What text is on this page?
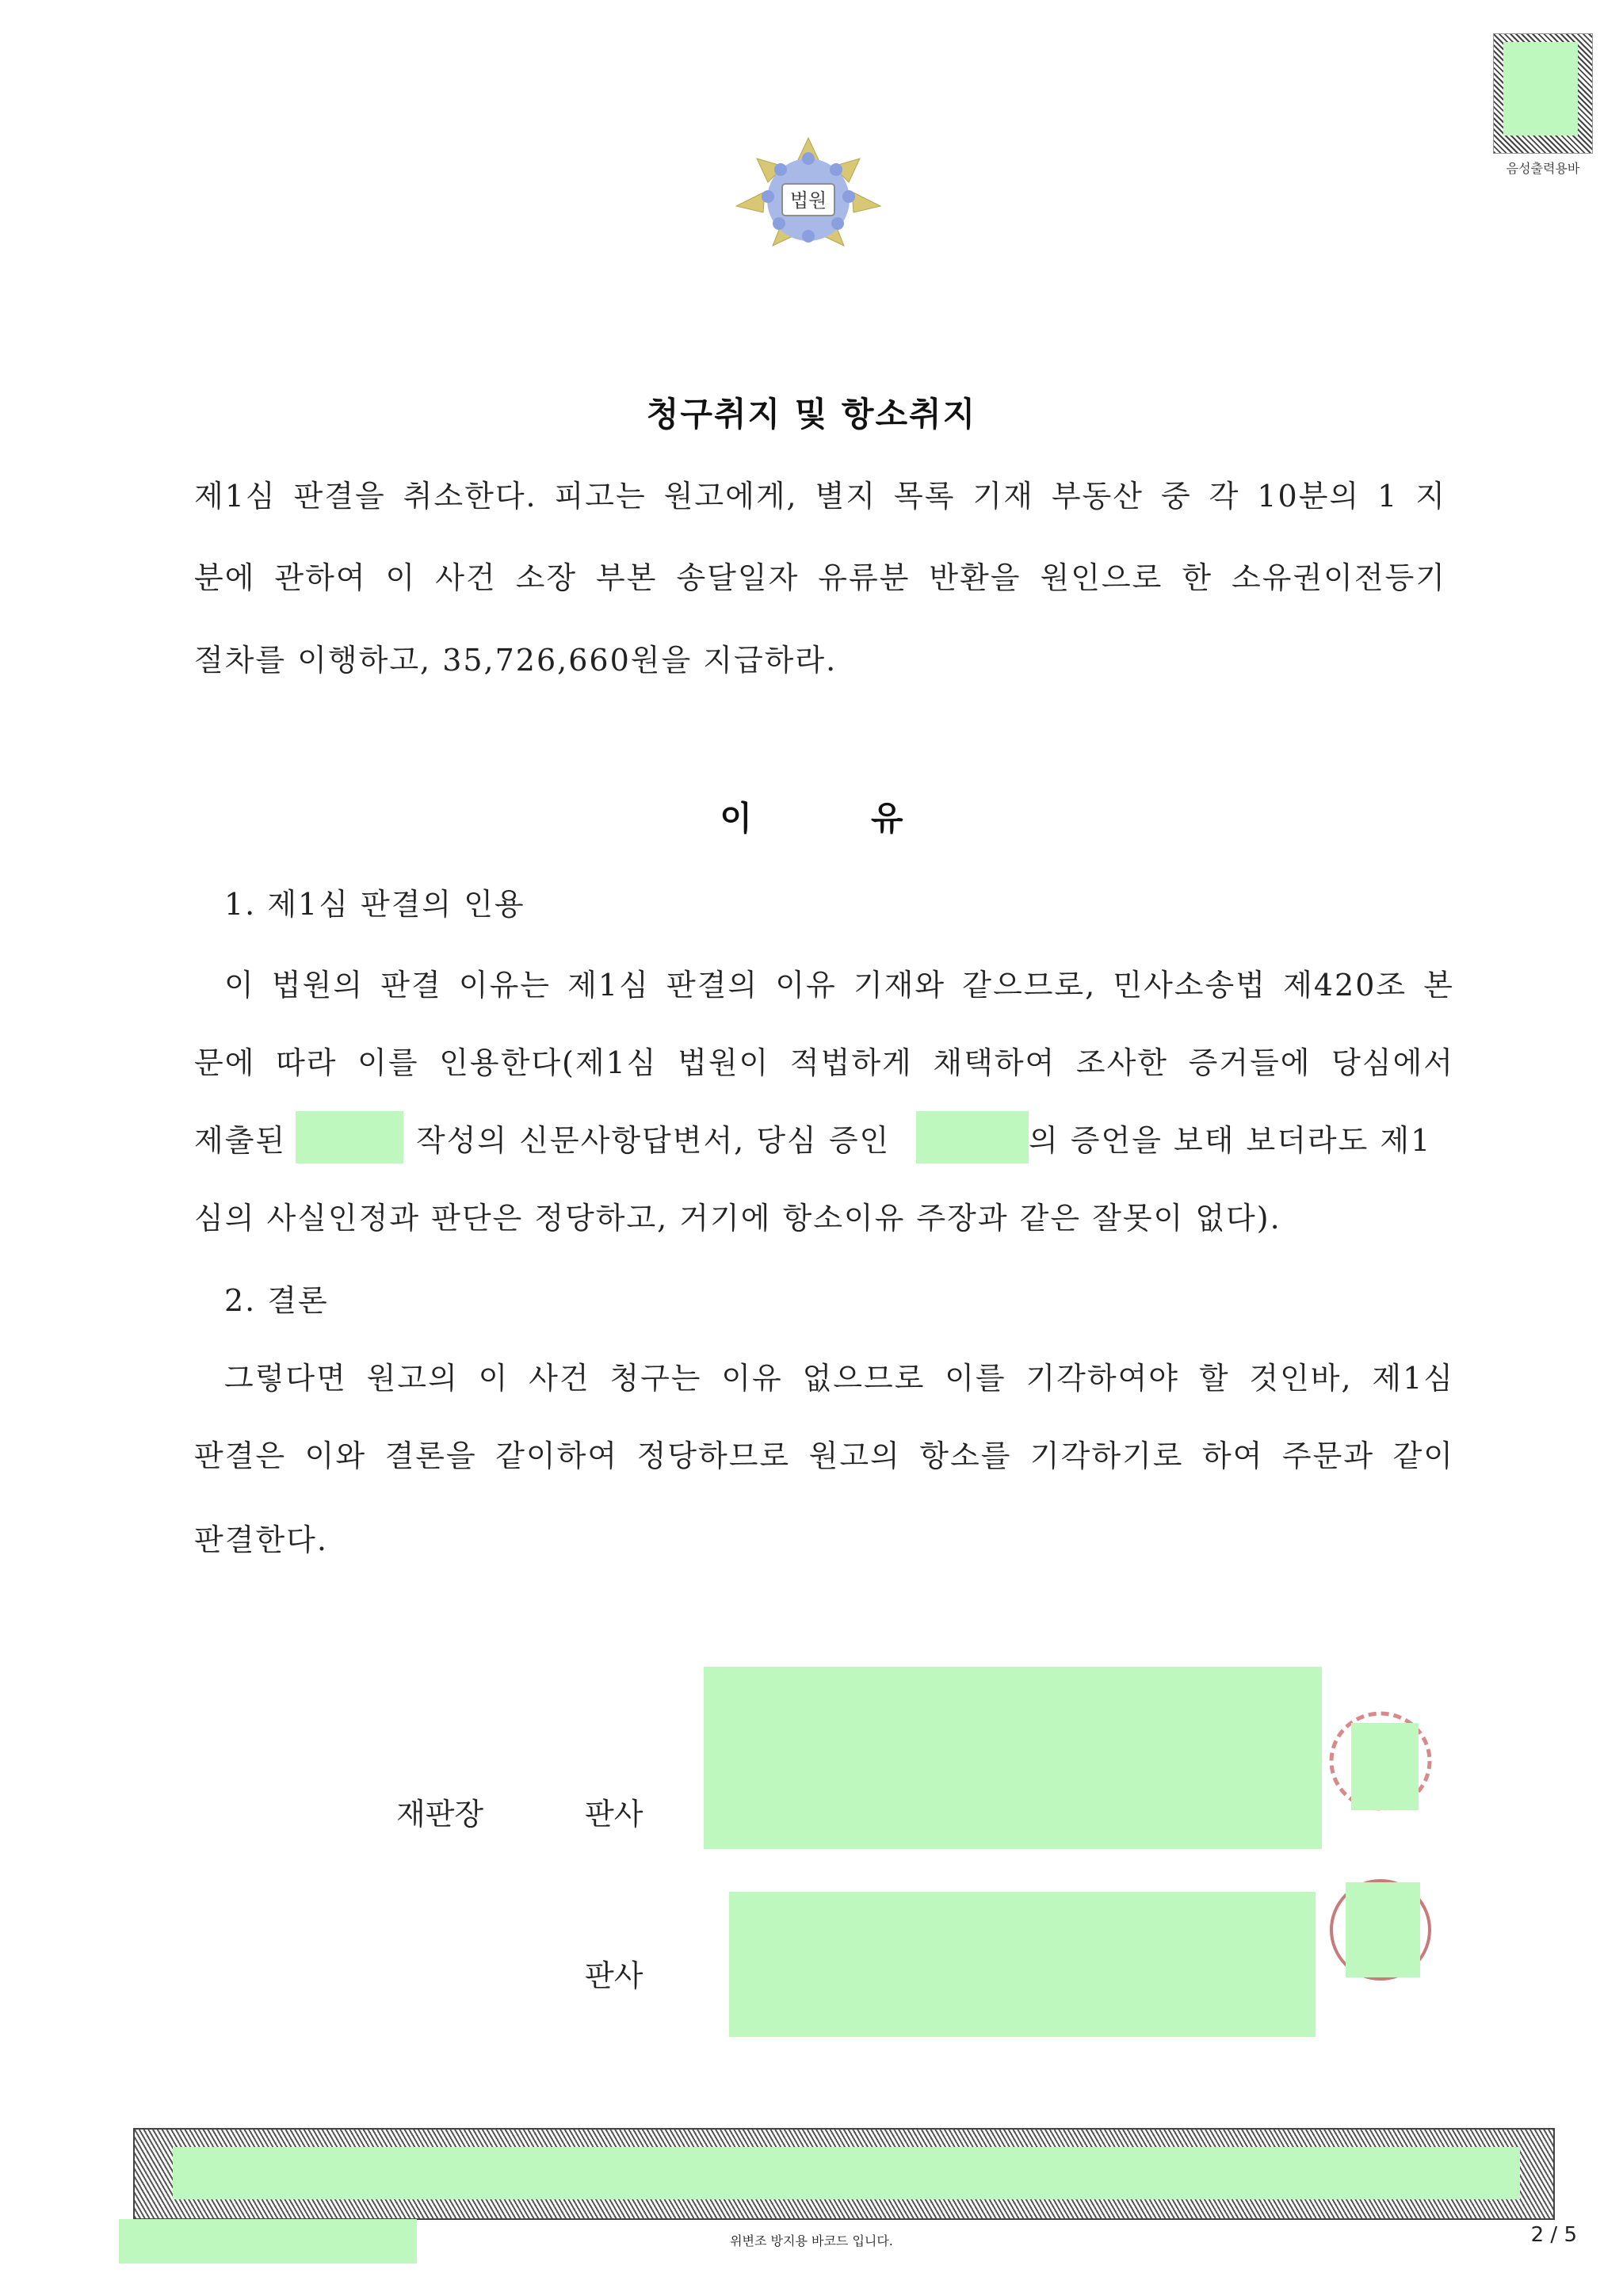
법원
음성출력용바
청구취지 및 항소취지
제1심 판결을 취소한다. 피고는 원고에게, 별지 목록 기재 부동산 중 각 10분의 1 지
분에 관하여 이 사건 소장 부본 송달일자 유류분 반환을 원인으로 한 소유권이전등기
절차를 이행하고, 35,726,660원을 지급하라.
이	유
1. 제1심 판결의 인용
이 법원의 판결 이유는 제1심 판결의 이유 기재와 같으므로, 민사소송법 제420조 본
문에 따라 이를 인용한다(제1심 법원이 적법하게 채택하여 조사한 증거들에 당심에서
제출된	작성의 신문사항답변서, 당심 증인	의 증언을 보태 보더라도 제1
심의 사실인정과 판단은 정당하고, 거기에 항소이유 주장과 같은 잘못이 없다).
2. 결론
그렇다면 원고의 이 사건 청구는 이유 없으므로 이를 기각하여야 할 것인바, 제1심
판결은 이와 결론을 같이하여 정당하므로 원고의 항소를 기각하기로 하여 주문과 같이
판결한다.
재판장	판사
판사
위변조 방지용 바코드 입니다.	2 / 5
